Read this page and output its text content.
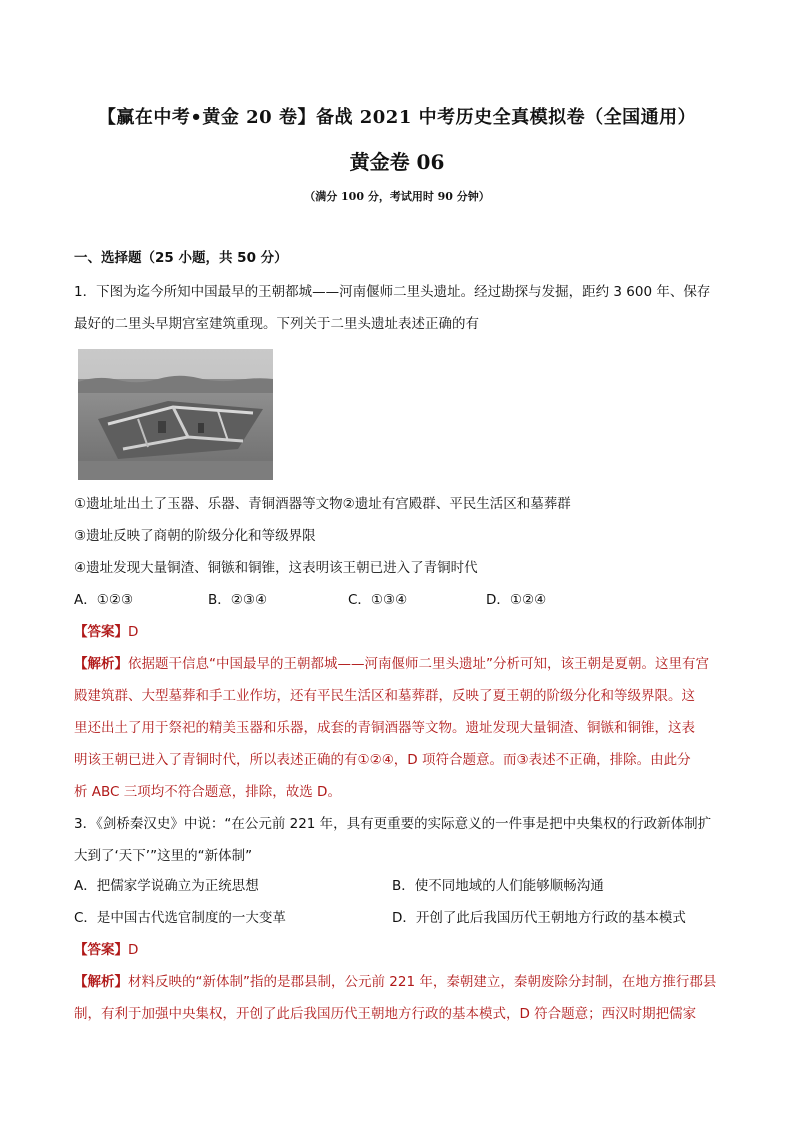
【赢在中考•黄金 20 卷】备战 2021 中考历史全真模拟卷（全国通用）
黄金卷 06
（满分 100 分，考试用时 90 分钟）
一、选择题（25 小题，共 50 分）
1．下图为迄今所知中国最早的王朝都城——河南偃师二里头遗址。经过勘探与发掘，距约 3 600 年、保存
最好的二里头早期宫室建筑重现。下列关于二里头遗址表述正确的有
①遗址址出土了玉器、乐器、青铜酒器等文物②遗址有宫殿群、平民生活区和墓葬群
③遗址反映了商朝的阶级分化和等级界限
④遗址发现大量铜渣、铜镞和铜锥，这表明该王朝已进入了青铜时代
A．①②③	B．②③④	C．①③④	D．①②④
【答案】D
【解析】依据题干信息“中国最早的王朝都城——河南偃师二里头遗址”分析可知，该王朝是夏朝。这里有宫
殿建筑群、大型墓葬和手工业作坊，还有平民生活区和墓葬群，反映了夏王朝的阶级分化和等级界限。这
里还出土了用于祭祀的精美玉器和乐器，成套的青铜酒器等文物。遗址发现大量铜渣、铜镞和铜锥，这表
明该王朝已进入了青铜时代，所以表述正确的有①②④，D 项符合题意。而③表述不正确，排除。由此分
析 ABC 三项均不符合题意，排除，故选 D。
3．《剑桥秦汉史》中说：“在公元前 221 年，具有更重要的实际意义的一件事是把中央集权的行政新体制扩
大到了‘天下’”这里的“新体制”
A．把儒家学说确立为正统思想	B．使不同地域的人们能够顺畅沟通
C．是中国古代选官制度的一大变革	D．开创了此后我国历代王朝地方行政的基本模式
【答案】D
【解析】材料反映的“新体制”指的是郡县制，公元前 221 年，秦朝建立，秦朝废除分封制，在地方推行郡县
制，有利于加强中央集权，开创了此后我国历代王朝地方行政的基本模式，D 符合题意；西汉时期把儒家
